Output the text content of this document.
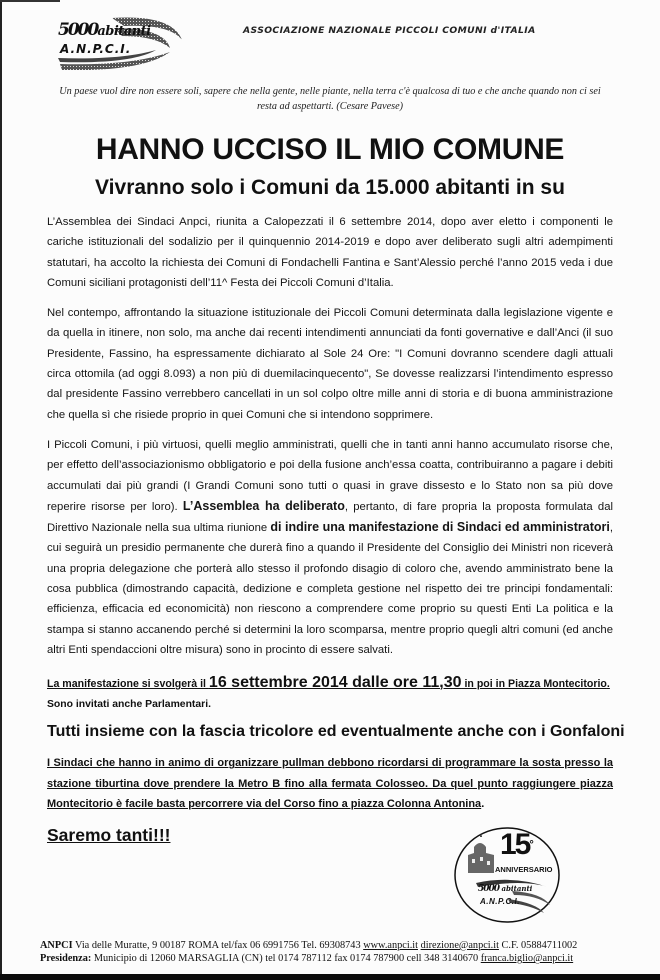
5000abitanti
A.N.P.C.I.
ASSOCIAZIONE NAZIONALE PICCOLI COMUNI d'ITALIA
Un paese vuol dire non essere soli, sapere che nella gente, nelle piante, nella terra c'è qualcosa di tuo e che anche quando non ci sei
resta ad aspettarti. (Cesare Pavese)
HANNO UCCISO IL MIO COMUNE
Vivranno solo i Comuni da 15.000 abitanti in su
L’Assemblea dei Sindaci Anpci, riunita a Calopezzati il 6 settembre 2014, dopo aver eletto i componenti le cariche istituzionali del sodalizio per il quinquennio 2014-2019 e dopo aver deliberato sugli altri adempimenti statutari, ha accolto la richiesta dei Comuni di Fondachelli Fantina e Sant’Alessio perché l’anno 2015 veda i due Comuni siciliani protagonisti dell’11^ Festa dei Piccoli Comuni d’Italia.
Nel contempo, affrontando la situazione istituzionale dei Piccoli Comuni determinata dalla legislazione vigente e da quella in itinere, non solo, ma anche dai recenti intendimenti annunciati da fonti governative e dall’Anci (il suo Presidente, Fassino, ha espressamente dichiarato al Sole 24 Ore: "I Comuni dovranno scendere dagli attuali circa ottomila (ad oggi 8.093) a non più di duemilacinquecento", Se dovesse realizzarsi l’intendimento espresso dal presidente Fassino verrebbero cancellati in un sol colpo oltre mille anni di storia e di buona amministrazione che quella sì che risiede proprio in quei Comuni che si intendono sopprimere.
I Piccoli Comuni, i più virtuosi, quelli meglio amministrati, quelli che in tanti anni hanno accumulato risorse che, per effetto dell’associazionismo obbligatorio e poi della fusione anch’essa coatta, contribuiranno a pagare i debiti accumulati dai più grandi (I Grandi Comuni sono tutti o quasi in grave dissesto e lo Stato non sa più dove reperire risorse per loro). L’Assemblea ha deliberato, pertanto, di fare propria la proposta formulata dal Direttivo Nazionale nella sua ultima riunione di indire una manifestazione di Sindaci ed amministratori, cui seguirà un presidio permanente che durerà fino a quando il Presidente del Consiglio dei Ministri non riceverà una propria delegazione che porterà allo stesso il profondo disagio di coloro che, avendo amministrato bene la cosa pubblica (dimostrando capacità, dedizione e completa gestione nel rispetto dei tre principi fondamentali: efficienza, efficacia ed economicità) non riescono a comprendere come proprio su questi Enti La politica e la stampa si stanno accanendo perché si determini la loro scomparsa, mentre proprio quegli altri comuni (ed anche altri Enti spendaccioni oltre misura) sono in procinto di essere salvati.
La manifestazione si svolgerà il 16 settembre 2014 dalle ore 11,30 in poi in Piazza Montecitorio.
Sono invitati anche Parlamentari.
Tutti insieme con la fascia tricolore ed eventualmente anche con i Gonfaloni
I Sindaci che hanno in animo di organizzare pullman debbono ricordarsi di programmare la sosta presso la stazione tiburtina dove prendere la Metro B fino alla fermata Colosseo. Da quel punto raggiungere piazza Montecitorio è facile basta percorrere via del Corso fino a piazza Colonna Antonina.
Saremo tanti!!!	15°
ANNIVERSARIO
5000 abitanti
A.N.P.C.I.
ANPCI Via delle Muratte, 9 00187 ROMA tel/fax 06 6991756 Tel. 69308743 www.anpci.it direzione@anpci.it C.F. 05884711002
Presidenza: Municipio di 12060 MARSAGLIA (CN) tel 0174 787112 fax 0174 787900 cell 348 3140670 franca.biglio@anpci.it
